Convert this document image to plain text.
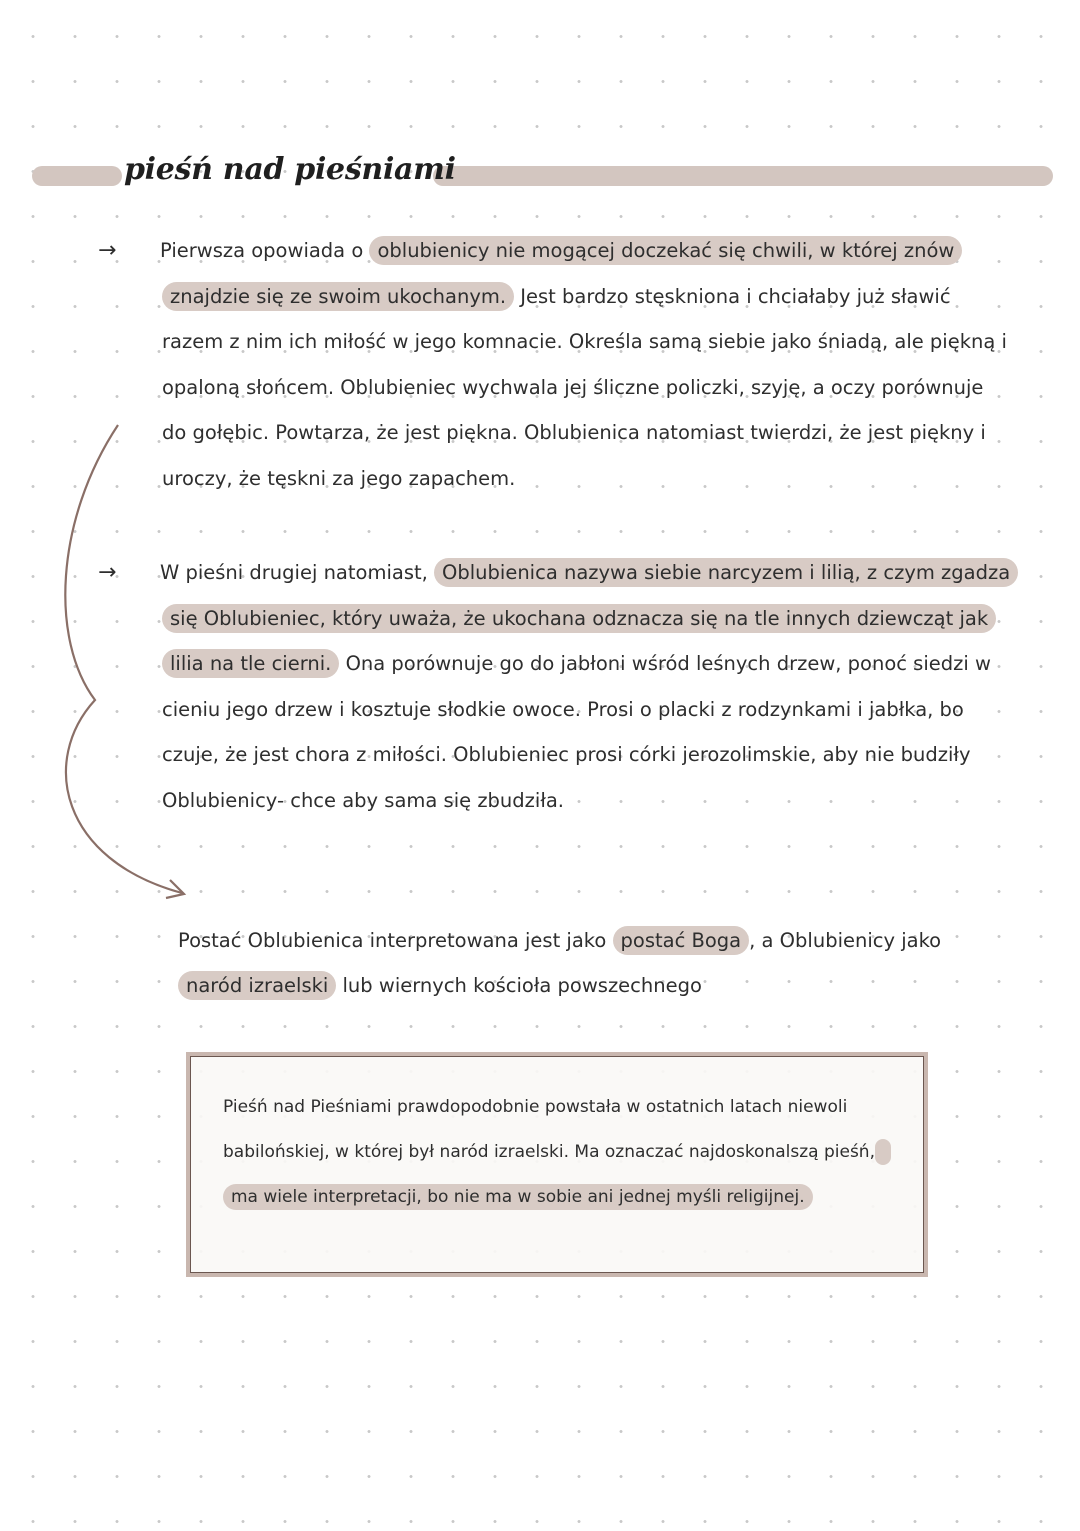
pieśń nad pieśniami
→ Pierwsza opowiada o oblubienicy nie mogącej doczekać się chwili, w której znów znajdzie się ze swoim ukochanym. Jest bardzo stęskniona i chciałaby już sławić razem z nim ich miłość w jego komnacie. Określa samą siebie jako śniadą, ale piękną i opaloną słońcem. Oblubieniec wychwala jej śliczne policzki, szyję, a oczy porównuje do gołębic. Powtarza, że jest piękna. Oblubienica natomiast twierdzi, że jest piękny i uroczy, że tęskni za jego zapachem.
→ W pieśni drugiej natomiast, Oblubienica nazywa siebie narcyzem i lilią, z czym zgadza się Oblubieniec, który uważa, że ukochana odznacza się na tle innych dziewcząt jak lilia na tle cierni. Ona porównuje go do jabłoni wśród leśnych drzew, ponoć siedzi w cieniu jego drzew i kosztuje słodkie owoce. Prosi o placki z rodzynkami i jabłka, bo czuje, że jest chora z miłości. Oblubieniec prosi córki jerozolimskie, aby nie budziły Oblubienicy- chce aby sama się zbudziła.
Postać Oblubienica interpretowana jest jako postać Boga , a Oblubienicy jako naród izraelski lub wiernych kościoła powszechnego
Pieśń nad Pieśniami prawdopodobnie powstała w ostatnich latach niewoli babilońskiej, w której był naród izraelski. Ma oznaczać najdoskonalszą pieśń, ma wiele interpretacji, bo nie ma w sobie ani jednej myśli religijnej.
